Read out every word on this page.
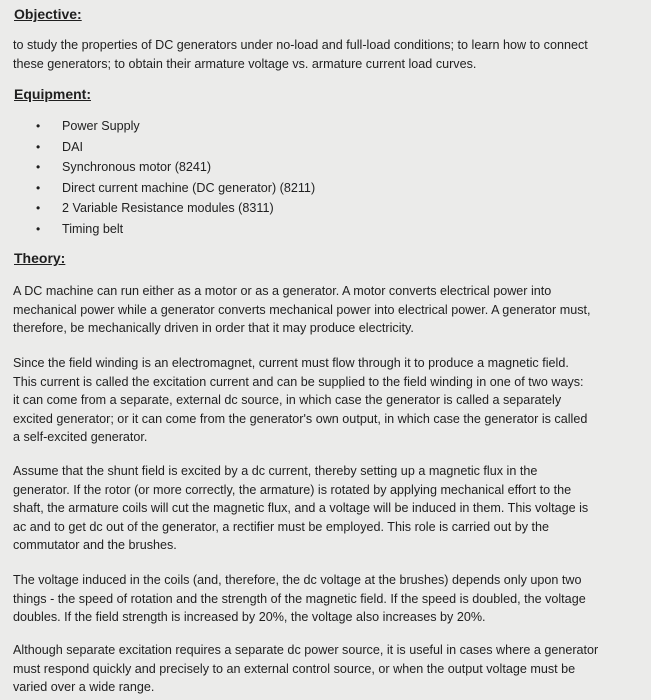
Objective:

to study the properties of DC generators under no-load and full-load conditions; to learn how to connect
these generators; to obtain their armature voltage vs. armature current load curves.

Equipment:
•	Power Supply
•	DAI
•	Synchronous motor (8241)
•	Direct current machine (DC generator) (8211)
•	2 Variable Resistance modules (8311)
•	Timing belt
Theory:

A DC machine can run either as a motor or as a generator. A motor converts electrical power into
mechanical power while a generator converts mechanical power into electrical power. A generator must,
therefore, be mechanically driven in order that it may produce electricity.

Since the field winding is an electromagnet, current must flow through it to produce a magnetic field.
This current is called the excitation current and can be supplied to the field winding in one of two ways:
it can come from a separate, external dc source, in which case the generator is called a separately
excited generator; or it can come from the generator's own output, in which case the generator is called
a self-excited generator.

Assume that the shunt field is excited by a dc current, thereby setting up a magnetic flux in the
generator. If the rotor (or more correctly, the armature) is rotated by applying mechanical effort to the
shaft, the armature coils will cut the magnetic flux, and a voltage will be induced in them. This voltage is
ac and to get dc out of the generator, a rectifier must be employed. This role is carried out by the
commutator and the brushes.

The voltage induced in the coils (and, therefore, the dc voltage at the brushes) depends only upon two
things - the speed of rotation and the strength of the magnetic field. If the speed is doubled, the voltage
doubles. If the field strength is increased by 20%, the voltage also increases by 20%.

Although separate excitation requires a separate dc power source, it is useful in cases where a generator
must respond quickly and precisely to an external control source, or when the output voltage must be
varied over a wide range.
